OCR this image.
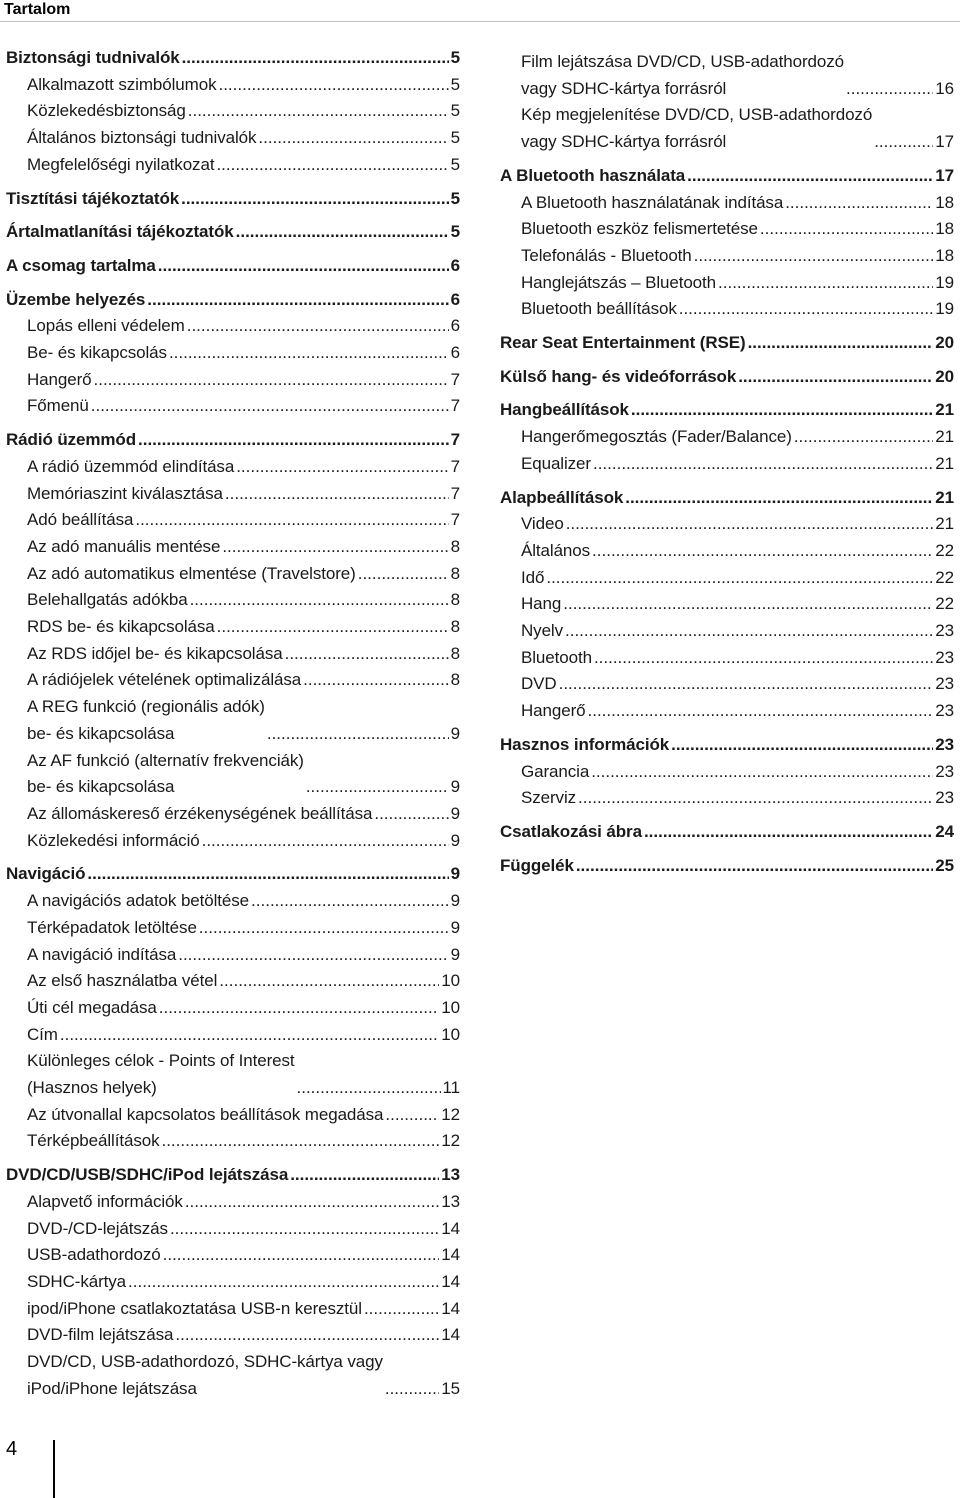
Tartalom
Biztonsági tudnivalók .....	5
Alkalmazott szimbólumok .....	5
Közlekedésbiztonság .....	5
Általános biztonsági tudnivalók .....	5
Megfelelőségi nyilatkozat .....	5
Tisztítási tájékoztatók .....	5
Ártalmatlanítási tájékoztatók .....	5
A csomag tartalma .....	6
Üzembe helyezés .....	6
Lopás elleni védelem .....	6
Be- és kikapcsolás .....	6
Hangerő .....	7
Főmenü .....	7
Rádió üzemmód .....	7
A rádió üzemmód elindítása .....	7
Memóriaszint kiválasztása .....	7
Adó beállítása .....	7
Az adó manuális mentése .....	8
Az adó automatikus elmentése (Travelstore) .....	8
Belehallgatás adókba .....	8
RDS be- és kikapcsolása .....	8
Az RDS időjel be- és kikapcsolása .....	8
A rádiójelek vételének optimalizálása .....	8
A REG funkció (regionális adók)
be- és kikapcsolása .....	9
Az AF funkció (alternatív frekvenciák)
be- és kikapcsolása .....	9
Az állomáskereső érzékenységének beállítása .....	9
Közlekedési információ .....	9
Navigáció .....	9
A navigációs adatok betöltése .....	9
Térképadatok letöltése .....	9
A navigáció indítása .....	9
Az első használatba vétel .....	10
Úti cél megadása .....	10
Cím .....	10
Különleges célok - Points of Interest
(Hasznos helyek) .....	11
Az útvonallal kapcsolatos beállítások megadása .....	12
Térképbeállítások .....	12
DVD/CD/USB/SDHC/iPod lejátszása .....	13
Alapvető információk .....	13
DVD-/CD-lejátszás .....	14
USB-adathordozó .....	14
SDHC-kártya .....	14
ipod/iPhone csatlakoztatása USB-n keresztül .....	14
DVD-film lejátszása .....	14
DVD/CD, USB-adathordozó, SDHC-kártya vagy
iPod/iPhone lejátszása .....	15
Film lejátszása DVD/CD, USB-adathordozó
vagy SDHC-kártya forrásról .....	16
Kép megjelenítése DVD/CD, USB-adathordozó
vagy SDHC-kártya forrásról .....	17
A Bluetooth használata .....	17
A Bluetooth használatának indítása .....	18
Bluetooth eszköz felismertetése .....	18
Telefonálás - Bluetooth .....	18
Hanglejátszás – Bluetooth .....	19
Bluetooth beállítások .....	19
Rear Seat Entertainment (RSE) .....	20
Külső hang- és videóforrások .....	20
Hangbeállítások .....	21
Hangerőmegosztás (Fader/Balance) .....	21
Equalizer .....	21
Alapbeállítások .....	21
Video .....	21
Általános .....	22
Idő .....	22
Hang .....	22
Nyelv .....	23
Bluetooth .....	23
DVD .....	23
Hangerő .....	23
Hasznos információk .....	23
Garancia .....	23
Szerviz .....	23
Csatlakozási ábra .....	24
Függelék .....	25
4
